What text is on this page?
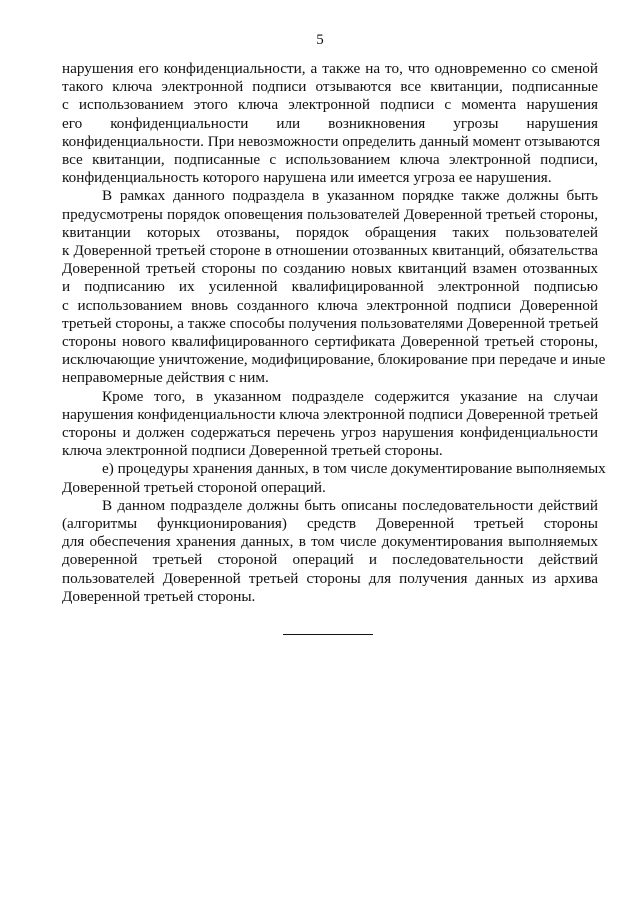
5
нарушения его конфиденциальности, а также на то, что одновременно со сменой
такого ключа электронной подписи отзываются все квитанции, подписанные
с использованием этого ключа электронной подписи с момента нарушения
его конфиденциальности или возникновения угрозы нарушения
конфиденциальности. При невозможности определить данный момент отзываются
все квитанции, подписанные с использованием ключа электронной подписи,
конфиденциальность которого нарушена или имеется угроза ее нарушения.
В рамках данного подраздела в указанном порядке также должны быть
предусмотрены порядок оповещения пользователей Доверенной третьей стороны,
квитанции которых отозваны, порядок обращения таких пользователей
к Доверенной третьей стороне в отношении отозванных квитанций, обязательства
Доверенной третьей стороны по созданию новых квитанций взамен отозванных
и подписанию их усиленной квалифицированной электронной подписью
с использованием вновь созданного ключа электронной подписи Доверенной
третьей стороны, а также способы получения пользователями Доверенной третьей
стороны нового квалифицированного сертификата Доверенной третьей стороны,
исключающие уничтожение, модифицирование, блокирование при передаче и иные
неправомерные действия с ним.
Кроме того, в указанном подразделе содержится указание на случаи
нарушения конфиденциальности ключа электронной подписи Доверенной третьей
стороны и должен содержаться перечень угроз нарушения конфиденциальности
ключа электронной подписи Доверенной третьей стороны.
е) процедуры хранения данных, в том числе документирование выполняемых
Доверенной третьей стороной операций.
В данном подразделе должны быть описаны последовательности действий
(алгоритмы функционирования) средств Доверенной третьей стороны
для обеспечения хранения данных, в том числе документирования выполняемых
доверенной третьей стороной операций и последовательности действий
пользователей Доверенной третьей стороны для получения данных из архива
Доверенной третьей стороны.
